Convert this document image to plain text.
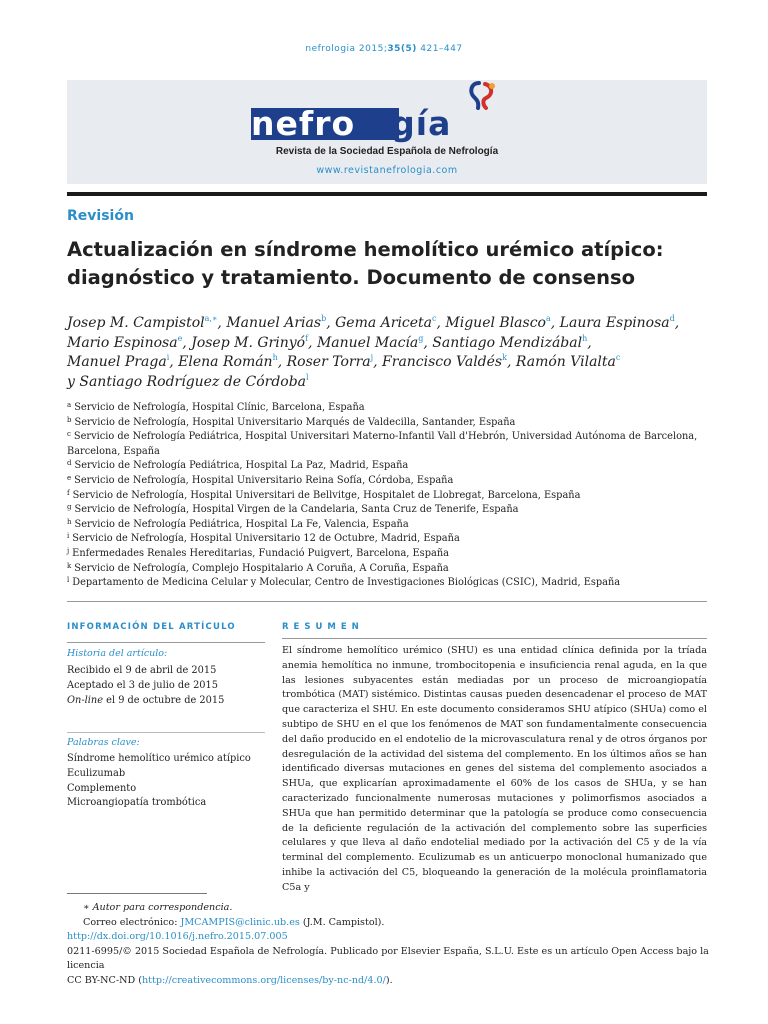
nefrologia 2015;35(5) 421–447
nefrología
Revista de la Sociedad Española de Nefrología
www.revistanefrologia.com
Revisión
Actualización en síndrome hemolítico urémico atípico: diagnóstico y tratamiento. Documento de consenso
Josep M. Campistol$^{a,∗}$, Manuel Arias$^b$, Gema Ariceta$^c$, Miguel Blasco$^a$, Laura Espinosa$^d$,
Mario Espinosa$^e$, Josep M. Grinyó$^f$, Manuel Macía$^g$, Santiago Mendizábal$^h$,
Manuel Praga$^i$, Elena Román$^h$, Roser Torra$^j$, Francisco Valdés$^k$, Ramón Vilalta$^c$
y Santiago Rodríguez de Córdoba$^l$
$^a$ Servicio de Nefrología, Hospital Clínic, Barcelona, España
$^b$ Servicio de Nefrología, Hospital Universitario Marqués de Valdecilla, Santander, España
$^c$ Servicio de Nefrología Pediátrica, Hospital Universitari Materno-Infantil Vall d'Hebrón, Universidad Autónoma de Barcelona, Barcelona, España
$^d$ Servicio de Nefrología Pediátrica, Hospital La Paz, Madrid, España
$^e$ Servicio de Nefrología, Hospital Universitario Reina Sofía, Córdoba, España
$^f$ Servicio de Nefrología, Hospital Universitari de Bellvitge, Hospitalet de Llobregat, Barcelona, España
$^g$ Servicio de Nefrología, Hospital Virgen de la Candelaria, Santa Cruz de Tenerife, España
$^h$ Servicio de Nefrología Pediátrica, Hospital La Fe, Valencia, España
$^i$ Servicio de Nefrología, Hospital Universitario 12 de Octubre, Madrid, España
$^j$ Enfermedades Renales Hereditarias, Fundació Puigvert, Barcelona, España
$^k$ Servicio de Nefrología, Complejo Hospitalario A Coruña, A Coruña, España
$^l$ Departamento de Medicina Celular y Molecular, Centro de Investigaciones Biológicas (CSIC), Madrid, España
INFORMACIÓN DEL ARTÍCULO	RESUMEN
Historia del artículo:
Recibido el 9 de abril de 2015
Aceptado el 3 de julio de 2015
On-line el 9 de octubre de 2015
Palabras clave:
Síndrome hemolítico urémico atípico
Eculizumab
Complemento
Microangiopatía trombótica

El síndrome hemolítico urémico (SHU) es una entidad clínica definida por la tríada anemia hemolítica no inmune, trombocitopenia e insuficiencia renal aguda, en la que las lesiones subyacentes están mediadas por un proceso de microangiopatía trombótica (MAT) sistémico. Distintas causas pueden desencadenar el proceso de MAT que caracteriza el SHU. En este documento consideramos SHU atípico (SHUa) como el subtipo de SHU en el que los fenómenos de MAT son fundamentalmente consecuencia del daño producido en el endotelio de la microvasculatura renal y de otros órganos por desregulación de la actividad del sistema del complemento. En los últimos años se han identificado diversas mutaciones en genes del sistema del complemento asociados a SHUa, que explicarían aproximadamente el 60% de los casos de SHUa, y se han caracterizado funcionalmente numerosas mutaciones y polimorfismos asociados a SHUa que han permitido determinar que la patología se produce como consecuencia de la deficiente regulación de la activación del complemento sobre las superficies celulares y que lleva al daño endotelial mediado por la activación del C5 y de la vía terminal del complemento. Eculizumab es un anticuerpo monoclonal humanizado que inhibe la activación del C5, bloqueando la generación de la molécula proinflamatoria C5a y

∗ Autor para correspondencia.
Correo electrónico: JMCAMPIS@clinic.ub.es (J.M. Campistol).
http://dx.doi.org/10.1016/j.nefro.2015.07.005
0211-6995/© 2015 Sociedad Española de Nefrología. Publicado por Elsevier España, S.L.U. Este es un artículo Open Access bajo la licencia
CC BY-NC-ND (http://creativecommons.org/licenses/by-nc-nd/4.0/).
